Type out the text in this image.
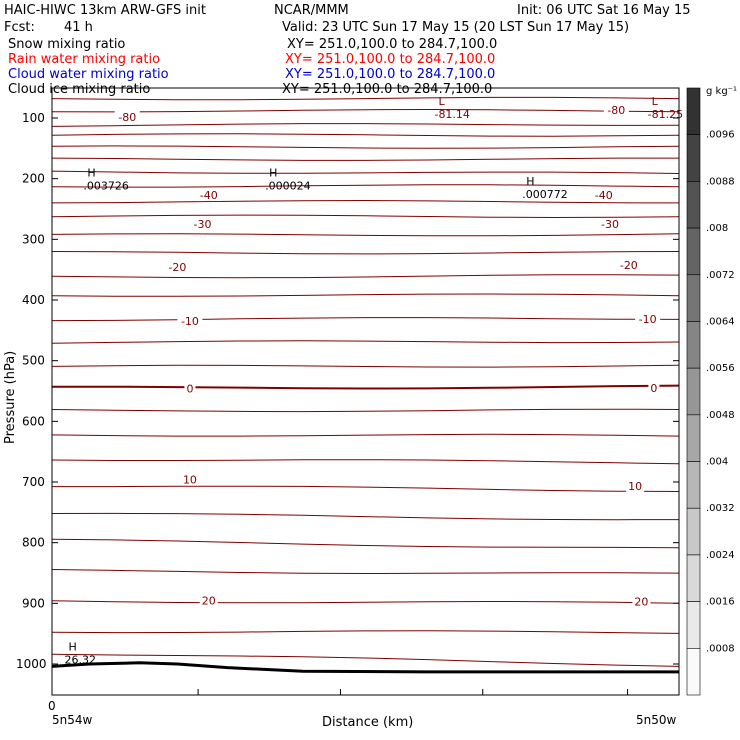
HAIC-HIWC 13km ARW-GFS init	NCAR/MMM	Init: 06 UTC Sat 16 May 15
Fcst: 41 h	Valid: 23 UTC Sun 17 May 15 (20 LST Sun 17 May 15)
Snow mixing ratio	XY= 251.0,100.0 to 284.7,100.0
Rain water mixing ratio	XY= 251.0,100.0 to 284.7,100.0
Cloud water mixing ratio	XY= 251.0,100.0 to 284.7,100.0
Cloud ice mixing ratio	XY= 251.0,100.0 to 284.7,100.0
100
200
300
400
500
600
700
800
900
1000
-80
-80
-40	-40
-30	-30
-20	-20
-10	-10
0	0
10
10
20	20
L
-81.14
L
-81.25
H
.003726
H
.000024	H
.000772
H
26.32
Pressure (hPa)
Distance (km)
0
5n54w	5n50w
.0096
.0088
.008
.0072
.0064
.0056
.0048
.004
.0032
.0024
.0016
.0008
g kg⁻¹
